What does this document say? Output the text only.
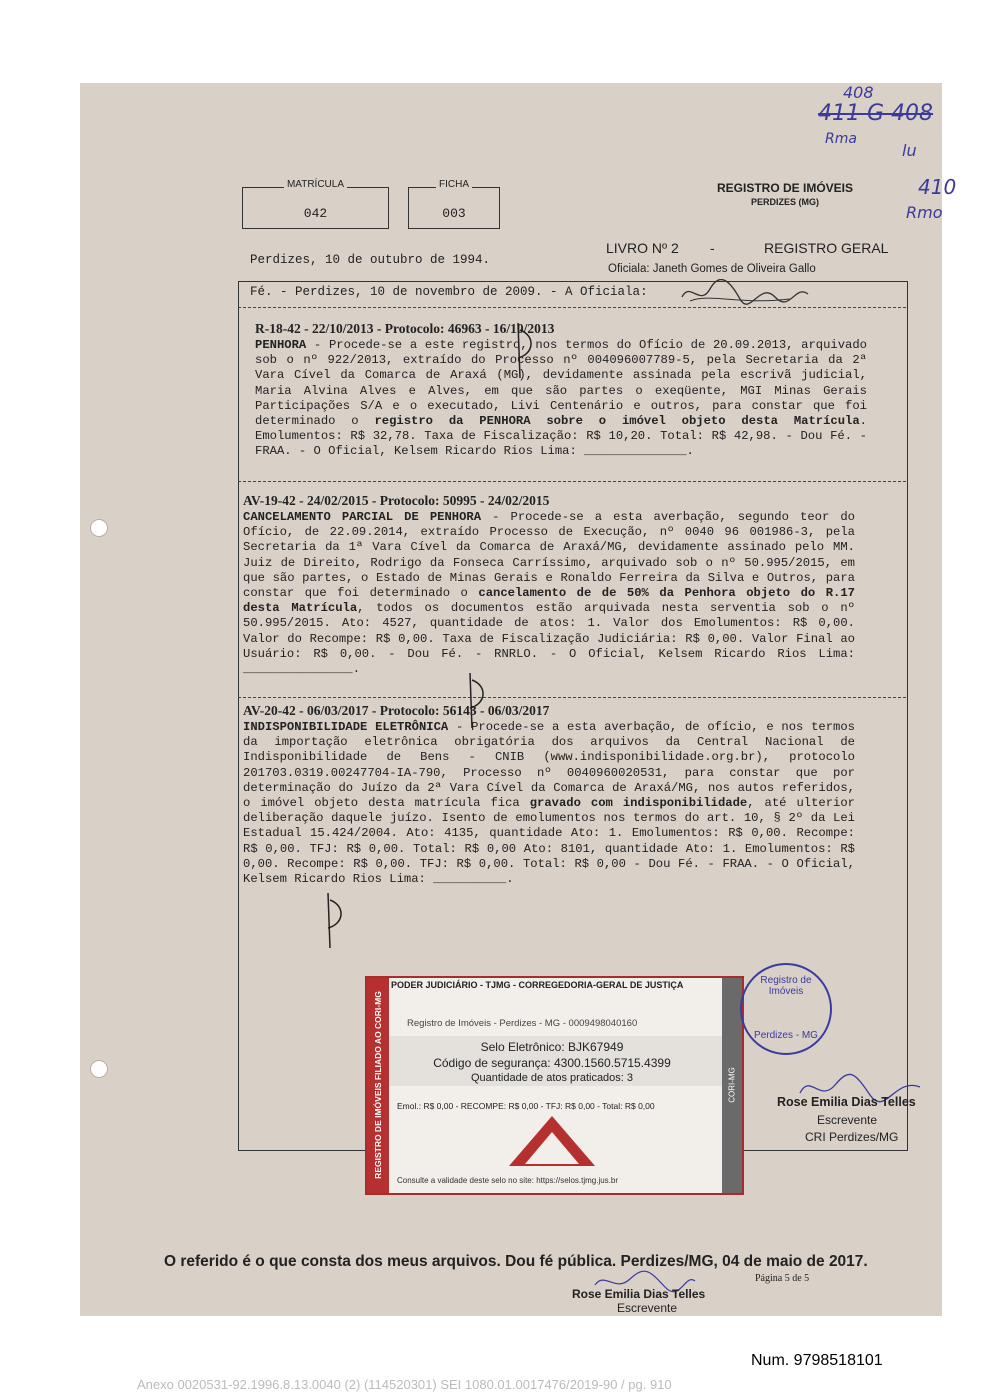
408
411 G 408
lu
410
Rmo
Rma
MATRÍCULA
042
FICHA
003
REGISTRO DE IMÓVEIS
PERDIZES (MG)
Perdizes, 10 de outubro de 1994.
LIVRO Nº 2 -	REGISTRO GERAL
Oficiala: Janeth Gomes de Oliveira Gallo
Fé. - Perdizes, 10 de novembro de 2009. - A Oficiala:
R-18-42 - 22/10/2013 - Protocolo: 46963 - 16/10/2013
PENHORA - Procede-se a este registro, nos termos do Ofício de 20.09.2013, arquivado sob o nº 922/2013, extraído do Processo nº 004096007789-5, pela Secretaria da 2ª Vara Cível da Comarca de Araxá (MG), devidamente assinada pela escrivã judicial, Maria Alvina Alves e Alves, em que são partes o exeqüente, MGI Minas Gerais Participações S/A e o executado, Livi Centenário e outros, para constar que foi determinado o registro da PENHORA sobre o imóvel objeto desta Matrícula. Emolumentos: R$ 32,78. Taxa de Fiscalização: R$ 10,20. Total: R$ 42,98. - Dou Fé. - FRAA. - O Oficial, Kelsem Ricardo Rios Lima: ______________.
AV-19-42 - 24/02/2015 - Protocolo: 50995 - 24/02/2015
CANCELAMENTO PARCIAL DE PENHORA - Procede-se a esta averbação, segundo teor do Ofício, de 22.09.2014, extraído Processo de Execução, nº 0040 96 001986-3, pela Secretaria da 1ª Vara Cível da Comarca de Araxá/MG, devidamente assinado pelo MM. Juiz de Direito, Rodrigo da Fonseca Carríssimo, arquivado sob o nº 50.995/2015, em que são partes, o Estado de Minas Gerais e Ronaldo Ferreira da Silva e Outros, para constar que foi determinado o cancelamento de de 50% da Penhora objeto do R.17 desta Matrícula, todos os documentos estão arquivada nesta serventia sob o nº 50.995/2015. Ato: 4527, quantidade de atos: 1. Valor dos Emolumentos: R$ 0,00. Valor do Recompe: R$ 0,00. Taxa de Fiscalização Judiciária: R$ 0,00. Valor Final ao Usuário: R$ 0,00. - Dou Fé. - RNRLO. - O Oficial, Kelsem Ricardo Rios Lima: _______________.
AV-20-42 - 06/03/2017 - Protocolo: 56143 - 06/03/2017
INDISPONIBILIDADE ELETRÔNICA - Procede-se a esta averbação, de ofício, e nos termos da importação eletrônica obrigatória dos arquivos da Central Nacional de Indisponibilidade de Bens - CNIB (www.indisponibilidade.org.br), protocolo 201703.0319.00247704-IA-790, Processo nº 0040960020531, para constar que por determinação do Juízo da 2ª Vara Cível da Comarca de Araxá/MG, nos autos referidos, o imóvel objeto desta matrícula fica gravado com indisponibilidade, até ulterior deliberação daquele juízo. Isento de emolumentos nos termos do art. 10, § 2º da Lei Estadual 15.424/2004. Ato: 4135, quantidade Ato: 1. Emolumentos: R$ 0,00. Recompe: R$ 0,00. TFJ: R$ 0,00. Total: R$ 0,00 Ato: 8101, quantidade Ato: 1. Emolumentos: R$ 0,00. Recompe: R$ 0,00. TFJ: R$ 0,00. Total: R$ 0,00 - Dou Fé. - FRAA. - O Oficial, Kelsem Ricardo Rios Lima: __________.
REGISTRO DE IMÓVEIS FILIADO AO CORI-MG	CORI-MG
PODER JUDICIÁRIO - TJMG - CORREGEDORIA-GERAL DE JUSTIÇA
Registro de Imóveis - Perdizes - MG - 0009498040160
Selo Eletrônico: BJK67949
Código de segurança: 4300.1560.5715.4399
Quantidade de atos praticados: 3
Emol.: R$ 0,00 - RECOMPE: R$ 0,00 - TFJ: R$ 0,00 - Total: R$ 0,00
Consulte a validade deste selo no site: https://selos.tjmg.jus.br
Registro de Imóveis
Perdizes - MG
Rose Emilia Dias Telles
Escrevente
CRI Perdizes/MG
O referido é o que consta dos meus arquivos. Dou fé pública. Perdizes/MG, 04 de maio de 2017.
Página 5 de 5
Rose Emilia Dias Telles
Escrevente
Num. 9798518101
Anexo 0020531-92.1996.8.13.0040 (2) (114520301) SEI 1080.01.0017476/2019-90 / pg. 910
